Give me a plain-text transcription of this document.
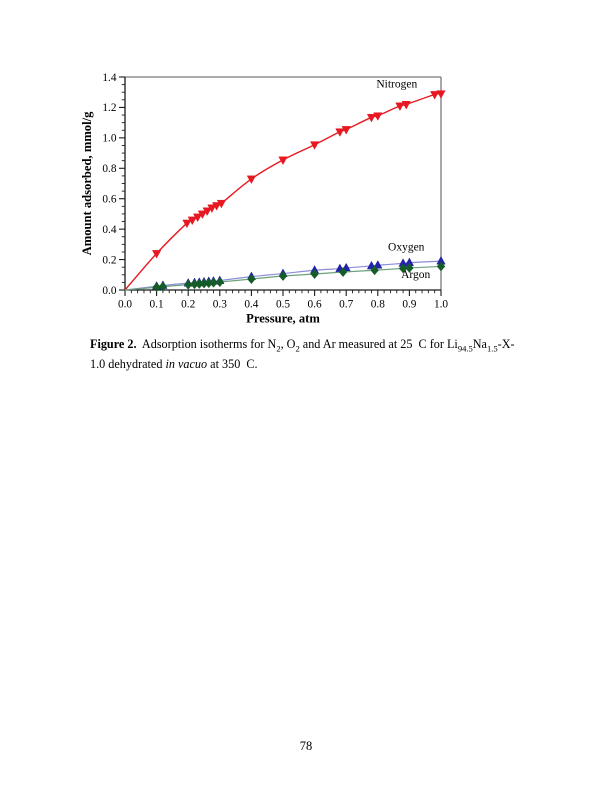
0.0 0.1 0.2 0.3 0.4 0.5 0.6 0.7 0.8 0.9 1.0
0.0
0.2
0.4
0.6
0.8
1.0
1.2
1.4
Pressure, atm
Amount adsorbed, mmol/g
Nitrogen
Oxygen
Argon

Figure 2.  Adsorption isotherms for $N_2$, $O_2$ and Ar measured at 25  C for $Li_{94.5}Na_{1.5}-X-$
1.0 dehydrated in vacuo at 350  C.

78
